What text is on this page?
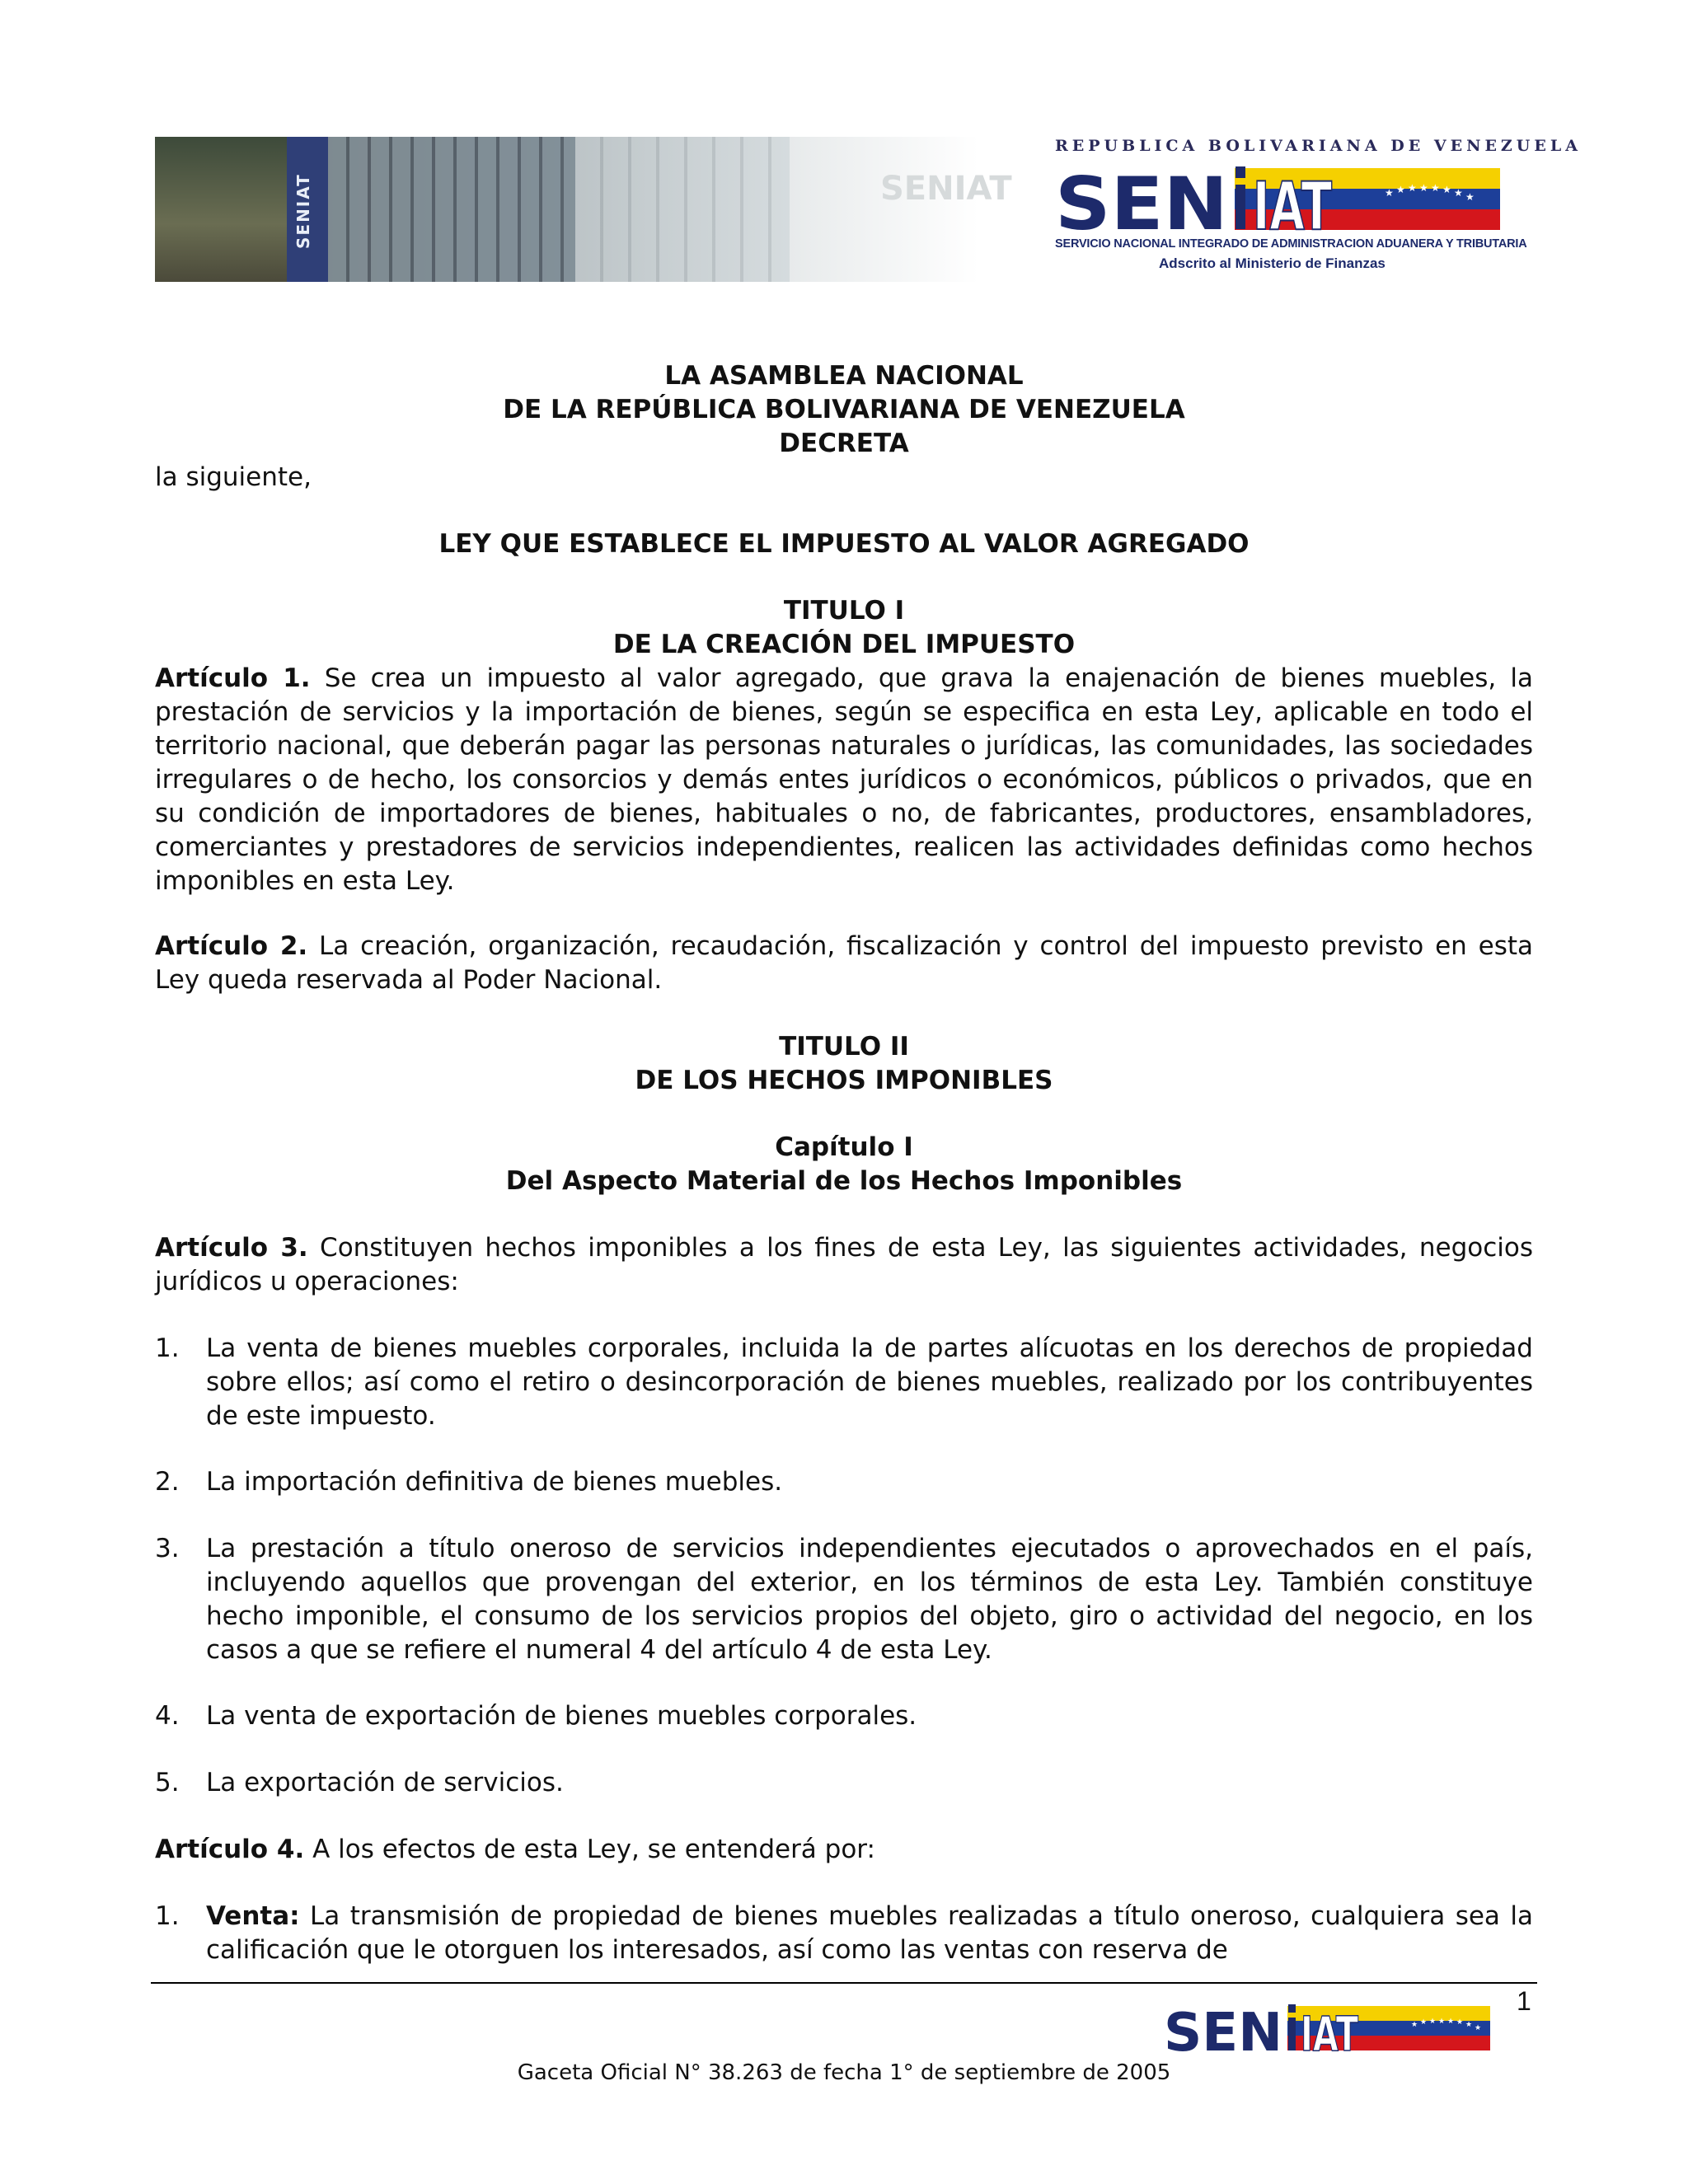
SENIAT	SENIAT
REPUBLICA BOLIVARIANA DE VENEZUELA
★ ★ ★ ★ ★ ★ ★ ★
SEN IAT
SERVICIO NACIONAL INTEGRADO DE ADMINISTRACION ADUANERA Y TRIBUTARIA
Adscrito al Ministerio de Finanzas
LA ASAMBLEA NACIONAL
DE LA REPÚBLICA BOLIVARIANA DE VENEZUELA
DECRETA
la siguiente,
LEY QUE ESTABLECE EL IMPUESTO AL VALOR AGREGADO
TITULO I
DE LA CREACIÓN DEL IMPUESTO
Artículo 1. Se crea un impuesto al valor agregado, que grava la enajenación de bienes muebles, la prestación de servicios y la importación de bienes, según se especifica en esta Ley, aplicable en todo el territorio nacional, que deberán pagar las personas naturales o jurídicas, las comunidades, las sociedades irregulares o de hecho, los consorcios y demás entes jurídicos o económicos, públicos o privados, que en su condición de importadores de bienes, habituales o no, de fabricantes, productores, ensambladores, comerciantes y prestadores de servicios independientes, realicen las actividades definidas como hechos imponibles en esta Ley.
Artículo 2. La creación, organización, recaudación, fiscalización y control del impuesto previsto en esta Ley queda reservada al Poder Nacional.
TITULO II
DE LOS HECHOS IMPONIBLES
Capítulo I
Del Aspecto Material de los Hechos Imponibles
Artículo 3. Constituyen hechos imponibles a los fines de esta Ley, las siguientes actividades, negocios jurídicos u operaciones:
1. La venta de bienes muebles corporales, incluida la de partes alícuotas en los derechos de propiedad sobre ellos; así como el retiro o desincorporación de bienes muebles, realizado por los contribuyentes de este impuesto.
2. La importación definitiva de bienes muebles.
3. La prestación a título oneroso de servicios independientes ejecutados o aprovechados en el país, incluyendo aquellos que provengan del exterior, en los términos de esta Ley. También constituye hecho imponible, el consumo de los servicios propios del objeto, giro o actividad del negocio, en los casos a que se refiere el numeral 4 del artículo 4 de esta Ley.
4. La venta de exportación de bienes muebles corporales.
5. La exportación de servicios.
Artículo 4. A los efectos de esta Ley, se entenderá por:
1. Venta: La transmisión de propiedad de bienes muebles realizadas a título oneroso, cualquiera sea la calificación que le otorguen los interesados, así como las ventas con reserva de
★ ★ ★ ★ ★ ★ ★ ★
SEN IAT
1
Gaceta Oficial N° 38.263 de fecha 1° de septiembre de 2005
